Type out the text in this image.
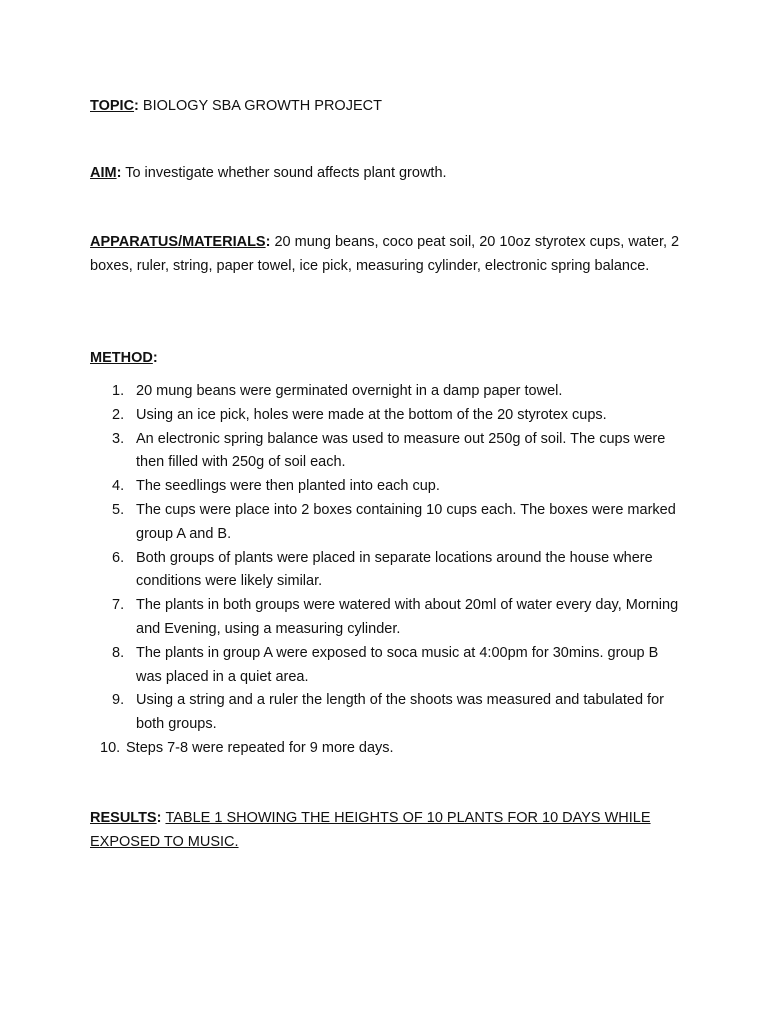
TOPIC: BIOLOGY SBA GROWTH PROJECT

AIM: To investigate whether sound affects plant growth.

APPARATUS/MATERIALS: 20 mung beans, coco peat soil, 20 10oz styrotex cups, water, 2 boxes, ruler, string, paper towel, ice pick, measuring cylinder, electronic spring balance.

METHOD:

1. 20 mung beans were germinated overnight in a damp paper towel.
2. Using an ice pick, holes were made at the bottom of the 20 styrotex cups.
3. An electronic spring balance was used to measure out 250g of soil. The cups were then filled with 250g of soil each.
4. The seedlings were then planted into each cup.
5. The cups were place into 2 boxes containing 10 cups each. The boxes were marked group A and B.
6. Both groups of plants were placed in separate locations around the house where conditions were likely similar.
7. The plants in both groups were watered with about 20ml of water every day, Morning and Evening, using a measuring cylinder.
8. The plants in group A were exposed to soca music at 4:00pm for 30mins. group B was placed in a quiet area.
9. Using a string and a ruler the length of the shoots was measured and tabulated for both groups.
10. Steps 7-8 were repeated for 9 more days.

RESULTS: TABLE 1 SHOWING THE HEIGHTS OF 10 PLANTS FOR 10 DAYS WHILE EXPOSED TO MUSIC.
